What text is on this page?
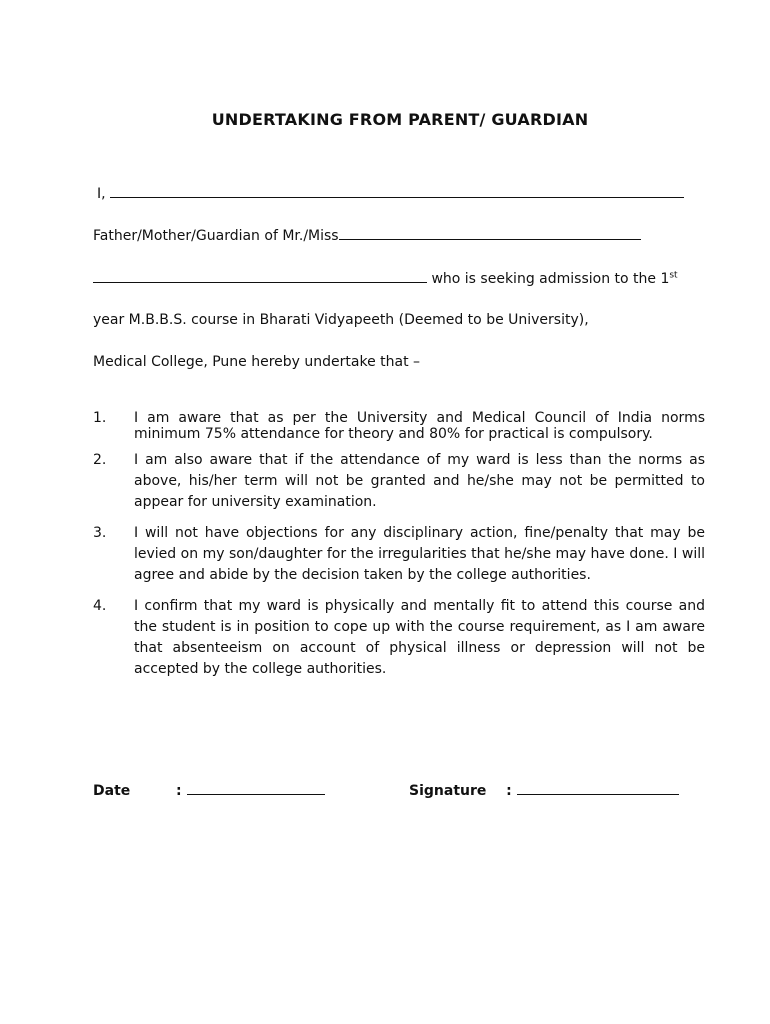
UNDERTAKING FROM PARENT/ GUARDIAN
I,
Father/Mother/Guardian of Mr./Miss
who is seeking admission to the 1st
year M.B.B.S. course in Bharati Vidyapeeth (Deemed to be University),
Medical College, Pune hereby undertake that –
1. I am aware that as per the University and Medical Council of India norms minimum 75% attendance for theory and 80% for practical is compulsory.
2. I am also aware that if the attendance of my ward is less than the norms as above, his/her term will not be granted and he/she may not be permitted to appear for university examination.
3. I will not have objections for any disciplinary action, fine/penalty that may be levied on my son/daughter for the irregularities that he/she may have done. I will agree and abide by the decision taken by the college authorities.
4. I confirm that my ward is physically and mentally fit to attend this course and the student is in position to cope up with the course requirement, as I am aware that absenteeism on account of physical illness or depression will not be accepted by the college authorities.
Date	:	Signature :
